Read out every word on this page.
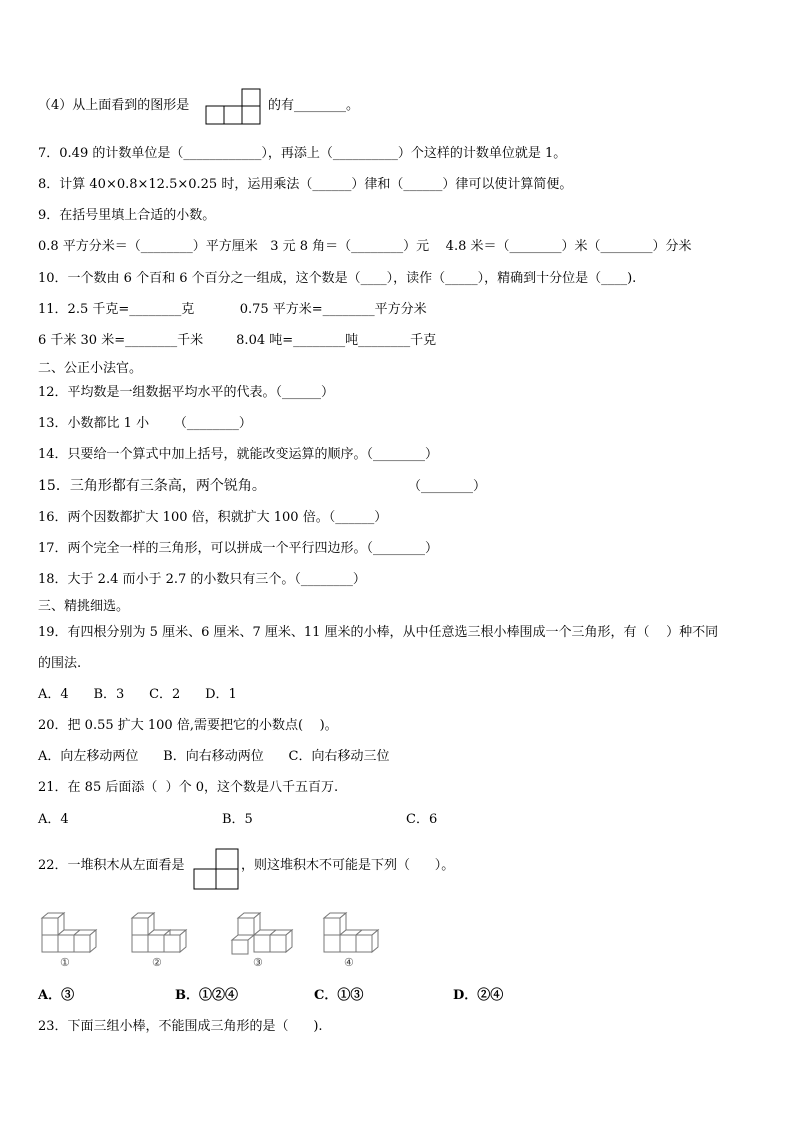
（4）从上面看到的图形是	的有________。
7．0.49 的计数单位是（____________），再添上（__________）个这样的计数单位就是 1。
8．计算 40×0.8×12.5×0.25 时，运用乘法（______）律和（______）律可以使计算简便。
9．在括号里填上合适的小数。
0.8 平方分米＝（________）平方厘米   3 元 8 角＝（________）元    4.8 米＝（________）米（________）分米
10．一个数由 6 个百和 6 个百分之一组成，这个数是（____），读作（_____），精确到十分位是（____).
11．2.5 千克=________克           0.75 平方米=________平方分米
6 千米 30 米=________千米        8.04 吨=________吨________千克
二、公正小法官。
12．平均数是一组数据平均水平的代表。（______）
13．小数都比 1 小      （________）
14．只要给一个算式中加上括号，就能改变运算的顺序。（________）
15．三角形都有三条高，两个锐角。	（________）
16．两个因数都扩大 100 倍，积就扩大 100 倍。（______）
17．两个完全一样的三角形，可以拼成一个平行四边形。（________）
18．大于 2.4 而小于 2.7 的小数只有三个。（________）
三、精挑细选。
19．有四根分别为 5 厘米、6 厘米、7 厘米、11 厘米的小棒，从中任意选三根小棒围成一个三角形，有（    ）种不同
的围法.
A．4      B．3      C．2      D．1
20．把 0.55 扩大 100 倍,需要把它的小数点(    )。
A．向左移动两位      B．向右移动两位      C．向右移动三位
21．在 85 后面添（  ）个 0，这个数是八千五百万.
A．4	B．5	C．6
22．一堆积木从左面看是	，则这堆积木不可能是下列（      ）。
①	②	③	④
A．③	B．①②④	C．①③	D．②④
23．下面三组小棒，不能围成三角形的是（      ).
